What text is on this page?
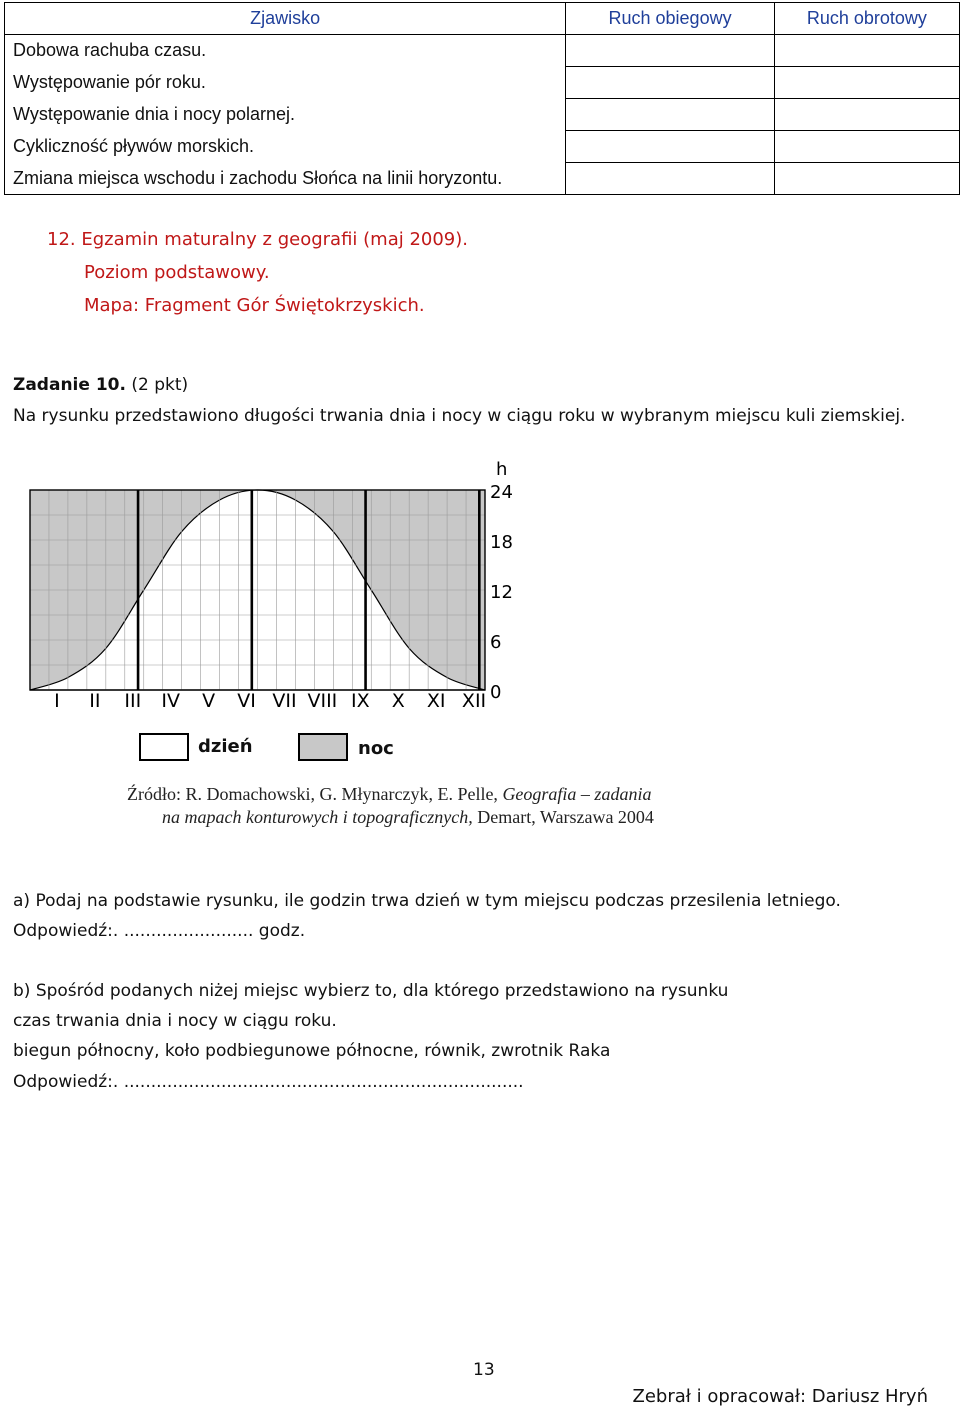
Zjawisko	Ruch obiegowy	Ruch obrotowy
Dobowa rachuba czasu.		
Występowanie pór roku.		
Występowanie dnia i nocy polarnej.		
Cykliczność pływów morskich.		
Zmiana miejsca wschodu i zachodu Słońca na linii horyzontu.		
12. Egzamin maturalny z geografii (maj 2009).
Poziom podstawowy.
Mapa: Fragment Gór Świętokrzyskich.
Zadanie 10. (2 pkt)
Na rysunku przedstawiono długości trwania dnia i nocy w ciągu roku w wybranym miejscu kuli ziemskiej.
24
18
12
6
0
I II III IV V VI VII VIII IX X XI XII
h
dzień	noc
Źródło: R. Domachowski, G. Młynarczyk, E. Pelle, Geografia – zadania
na mapach konturowych i topograficznych, Demart, Warszawa 2004
a) Podaj na podstawie rysunku, ile godzin trwa dzień w tym miejscu podczas przesilenia letniego.
Odpowiedź:. ........................ godz.
b) Spośród podanych niżej miejsc wybierz to, dla którego przedstawiono na rysunku
czas trwania dnia i nocy w ciągu roku.
biegun północny, koło podbiegunowe północne, równik, zwrotnik Raka
Odpowiedź:. ..........................................................................
13
Zebrał i opracował: Dariusz Hryń
